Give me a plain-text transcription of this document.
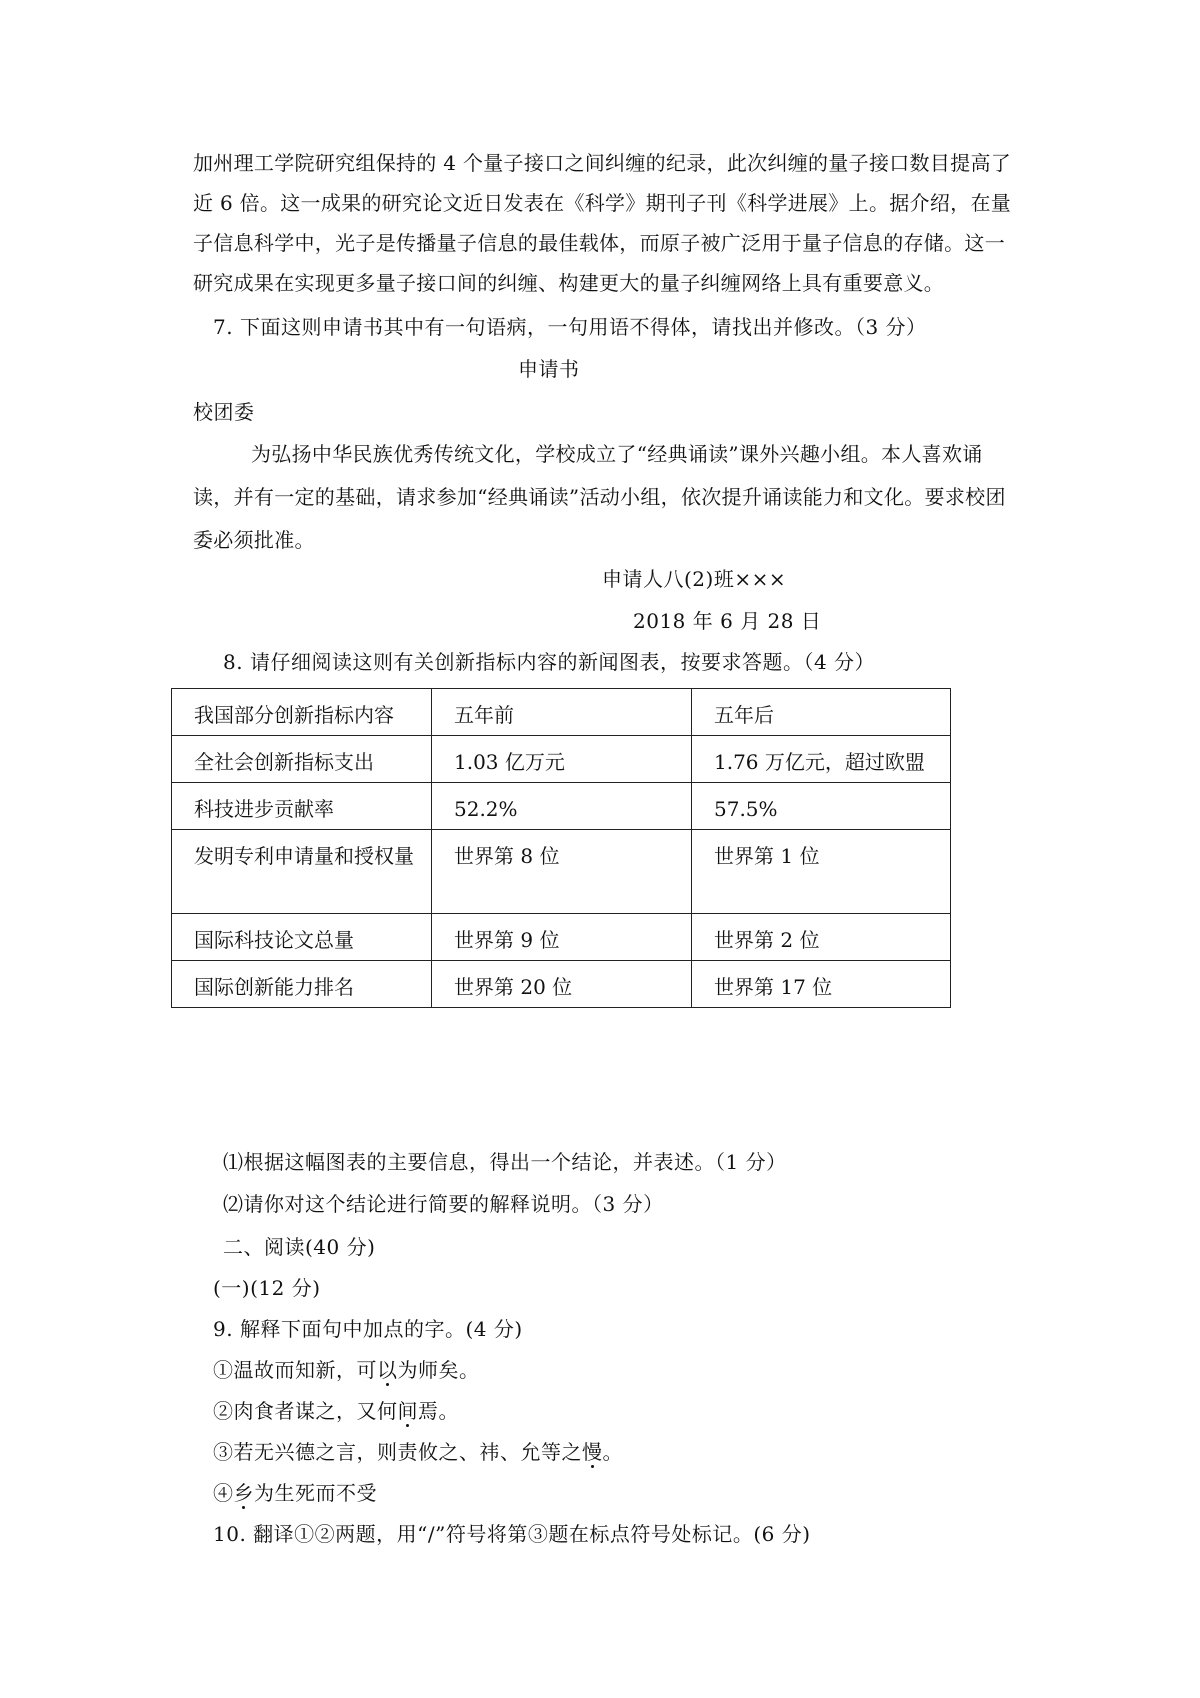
加州理工学院研究组保持的 4 个量子接口之间纠缠的纪录，此次纠缠的量子接口数目提高了近 6 倍。这一成果的研究论文近日发表在《科学》期刊子刊《科学进展》上。据介绍，在量子信息科学中，光子是传播量子信息的最佳载体，而原子被广泛用于量子信息的存储。这一研究成果在实现更多量子接口间的纠缠、构建更大的量子纠缠网络上具有重要意义。
7. 下面这则申请书其中有一句语病，一句用语不得体，请找出并修改。（3 分）
申请书
校团委
为弘扬中华民族优秀传统文化，学校成立了“经典诵读”课外兴趣小组。本人喜欢诵读，并有一定的基础，请求参加“经典诵读”活动小组，依次提升诵读能力和文化。要求校团委必须批准。
申请人八(2)班×××
2018 年 6 月 28 日
8. 请仔细阅读这则有关创新指标内容的新闻图表，按要求答题。（4 分）
我国部分创新指标内容	五年前	五年后
全社会创新指标支出	1.03 亿万元	1.76 万亿元，超过欧盟
科技进步贡献率	52.2%	57.5%
发明专利申请量和授权量	世界第 8 位	世界第 1 位
国际科技论文总量	世界第 9 位	世界第 2 位
国际创新能力排名	世界第 20 位	世界第 17 位
⑴根据这幅图表的主要信息，得出一个结论，并表述。（1 分）
⑵请你对这个结论进行简要的解释说明。（3 分）
二、阅读(40 分)
(一)(12 分)
9. 解释下面句中加点的字。(4 分)
①温故而知新，可以为师矣。
②肉食者谋之，又何间焉。
③若无兴德之言，则责攸之、祎、允等之慢。
④乡为生死而不受
10. 翻译①②两题，用“/”符号将第③题在标点符号处标记。(6 分)
